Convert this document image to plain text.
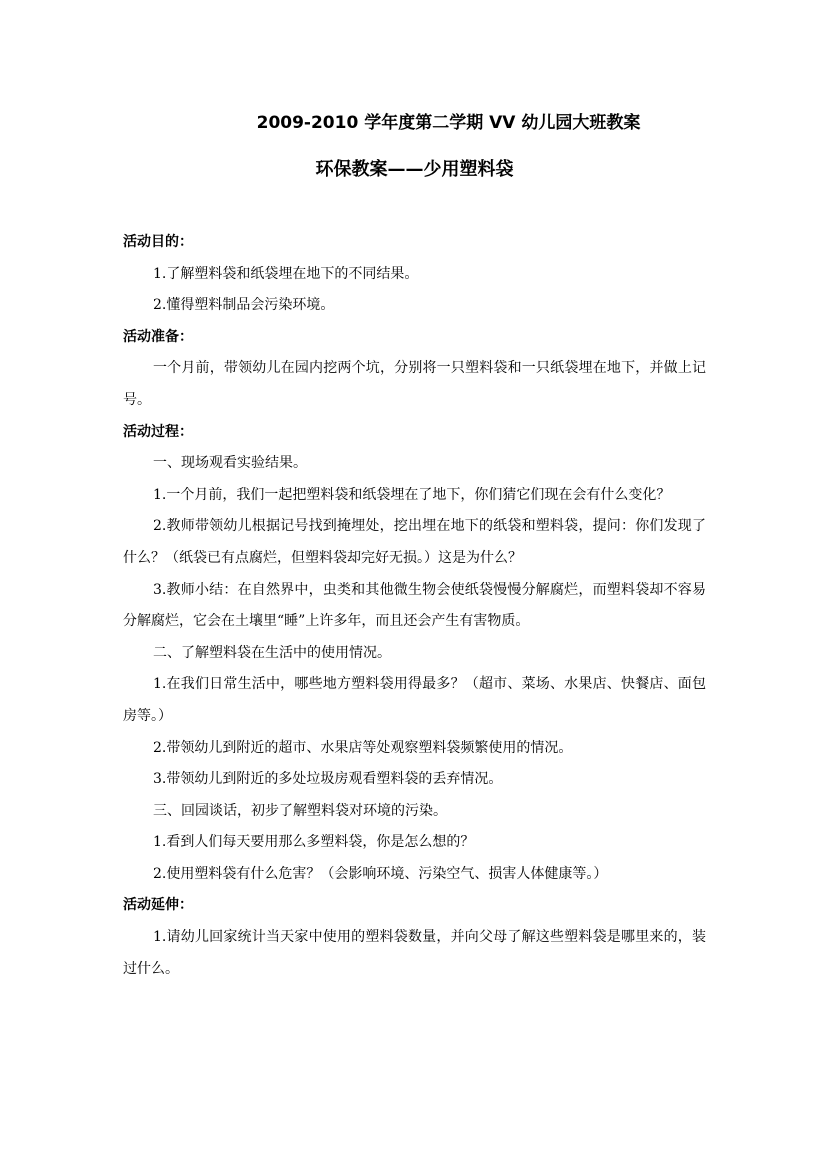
2009-2010 学年度第二学期 VV 幼儿园大班教案
环保教案——少用塑料袋

活动目的：

1.了解塑料袋和纸袋埋在地下的不同结果。

2.懂得塑料制品会污染环境。

活动准备：

一个月前，带领幼儿在园内挖两个坑，分别将一只塑料袋和一只纸袋埋在地下，并做上记号。

活动过程：

一、现场观看实验结果。

1.一个月前，我们一起把塑料袋和纸袋埋在了地下，你们猜它们现在会有什么变化？

2.教师带领幼儿根据记号找到掩埋处，挖出埋在地下的纸袋和塑料袋，提问：你们发现了什么？（纸袋已有点腐烂，但塑料袋却完好无损。）这是为什么？

3.教师小结：在自然界中，虫类和其他微生物会使纸袋慢慢分解腐烂，而塑料袋却不容易分解腐烂，它会在土壤里“睡”上许多年，而且还会产生有害物质。

二、了解塑料袋在生活中的使用情况。

1.在我们日常生活中，哪些地方塑料袋用得最多？（超市、菜场、水果店、快餐店、面包房等。）

2.带领幼儿到附近的超市、水果店等处观察塑料袋频繁使用的情况。

3.带领幼儿到附近的多处垃圾房观看塑料袋的丢弃情况。

三、回园谈话，初步了解塑料袋对环境的污染。

1.看到人们每天要用那么多塑料袋，你是怎么想的？

2.使用塑料袋有什么危害？（会影响环境、污染空气、损害人体健康等。）

活动延伸：

1.请幼儿回家统计当天家中使用的塑料袋数量，并向父母了解这些塑料袋是哪里来的，装过什么。
